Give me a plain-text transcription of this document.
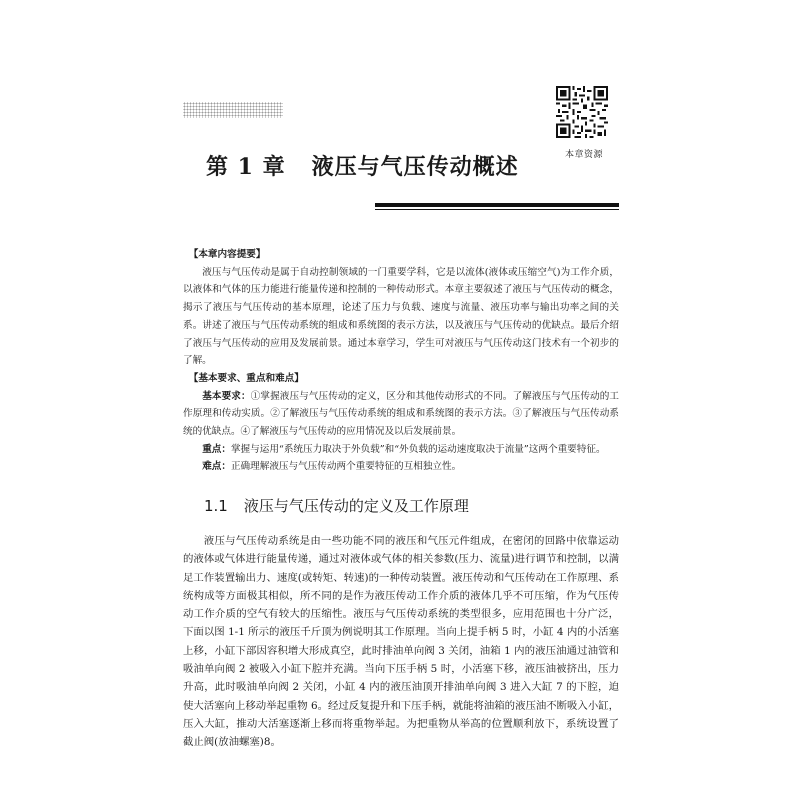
本章资源
第 1 章 液压与气压传动概述

【本章内容提要】

液压与气压传动是属于自动控制领域的一门重要学科，它是以流体(液体或压缩空气)为工作介质，以液体和气体的压力能进行能量传递和控制的一种传动形式。本章主要叙述了液压与气压传动的概念，揭示了液压与气压传动的基本原理，论述了压力与负载、速度与流量、液压功率与输出功率之间的关系。讲述了液压与气压传动系统的组成和系统图的表示方法，以及液压与气压传动的优缺点。最后介绍了液压与气压传动的应用及发展前景。通过本章学习，学生可对液压与气压传动这门技术有一个初步的了解。

【基本要求、重点和难点】

基本要求：①掌握液压与气压传动的定义，区分和其他传动形式的不同。了解液压与气压传动的工作原理和传动实质。②了解液压与气压传动系统的组成和系统图的表示方法。③了解液压与气压传动系统的优缺点。④了解液压与气压传动的应用情况及以后发展前景。

重点：掌握与运用“系统压力取决于外负载”和“外负载的运动速度取决于流量”这两个重要特征。

难点：正确理解液压与气压传动两个重要特征的互相独立性。

1.1 液压与气压传动的定义及工作原理

液压与气压传动系统是由一些功能不同的液压和气压元件组成，在密闭的回路中依靠运动的液体或气体进行能量传递，通过对液体或气体的相关参数(压力、流量)进行调节和控制，以满足工作装置输出力、速度(或转矩、转速)的一种传动装置。液压传动和气压传动在工作原理、系统构成等方面极其相似，所不同的是作为液压传动工作介质的液体几乎不可压缩，作为气压传动工作介质的空气有较大的压缩性。液压与气压传动系统的类型很多，应用范围也十分广泛，下面以图 1-1 所示的液压千斤顶为例说明其工作原理。当向上提手柄 5 时，小缸 4 内的小活塞上移，小缸下部因容积增大形成真空，此时排油单向阀 3 关闭，油箱 1 内的液压油通过油管和吸油单向阀 2 被吸入小缸下腔并充满。当向下压手柄 5 时，小活塞下移，液压油被挤出，压力升高，此时吸油单向阀 2 关闭，小缸 4 内的液压油顶开排油单向阀 3 进入大缸 7 的下腔，迫使大活塞向上移动举起重物 6。经过反复提升和下压手柄，就能将油箱的液压油不断吸入小缸，压入大缸，推动大活塞逐渐上移而将重物举起。为把重物从举高的位置顺利放下，系统设置了截止阀(放油螺塞)8。
